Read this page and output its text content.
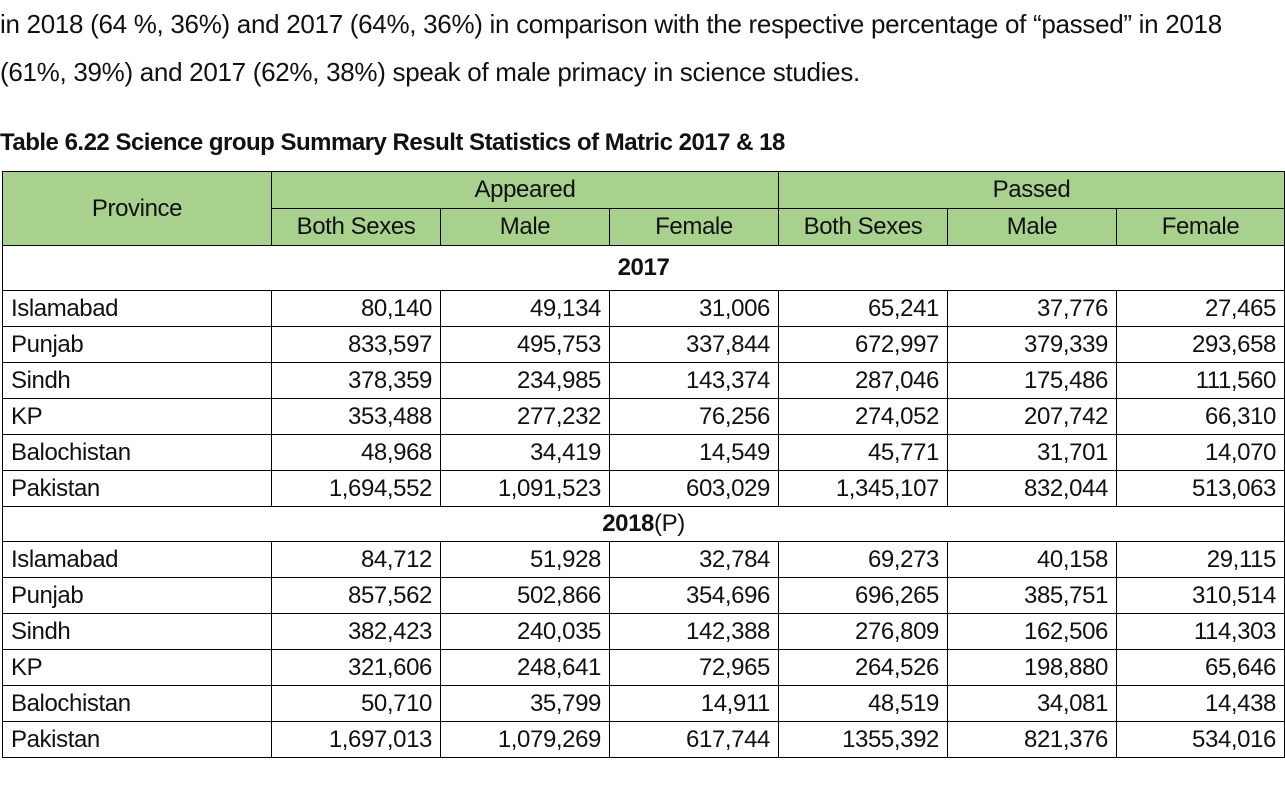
in 2018 (64 %, 36%) and 2017 (64%, 36%) in comparison with the respective percentage of “passed” in 2018

(61%, 39%) and 2017 (62%, 38%) speak of male primacy in science studies.

Table 6.22 Science group Summary Result Statistics of Matric 2017 & 18
Province	Appeared			Passed		
	Both Sexes	Male	Female	Both Sexes	Male	Female
2017						
Islamabad	80,140	49,134	31,006	65,241	37,776	27,465
Punjab	833,597	495,753	337,844	672,997	379,339	293,658
Sindh	378,359	234,985	143,374	287,046	175,486	111,560
KP	353,488	277,232	76,256	274,052	207,742	66,310
Balochistan	48,968	34,419	14,549	45,771	31,701	14,070
Pakistan	1,694,552	1,091,523	603,029	1,345,107	832,044	513,063
2018(P)						
Islamabad	84,712	51,928	32,784	69,273	40,158	29,115
Punjab	857,562	502,866	354,696	696,265	385,751	310,514
Sindh	382,423	240,035	142,388	276,809	162,506	114,303
KP	321,606	248,641	72,965	264,526	198,880	65,646
Balochistan	50,710	35,799	14,911	48,519	34,081	14,438
Pakistan	1,697,013	1,079,269	617,744	1355,392	821,376	534,016
